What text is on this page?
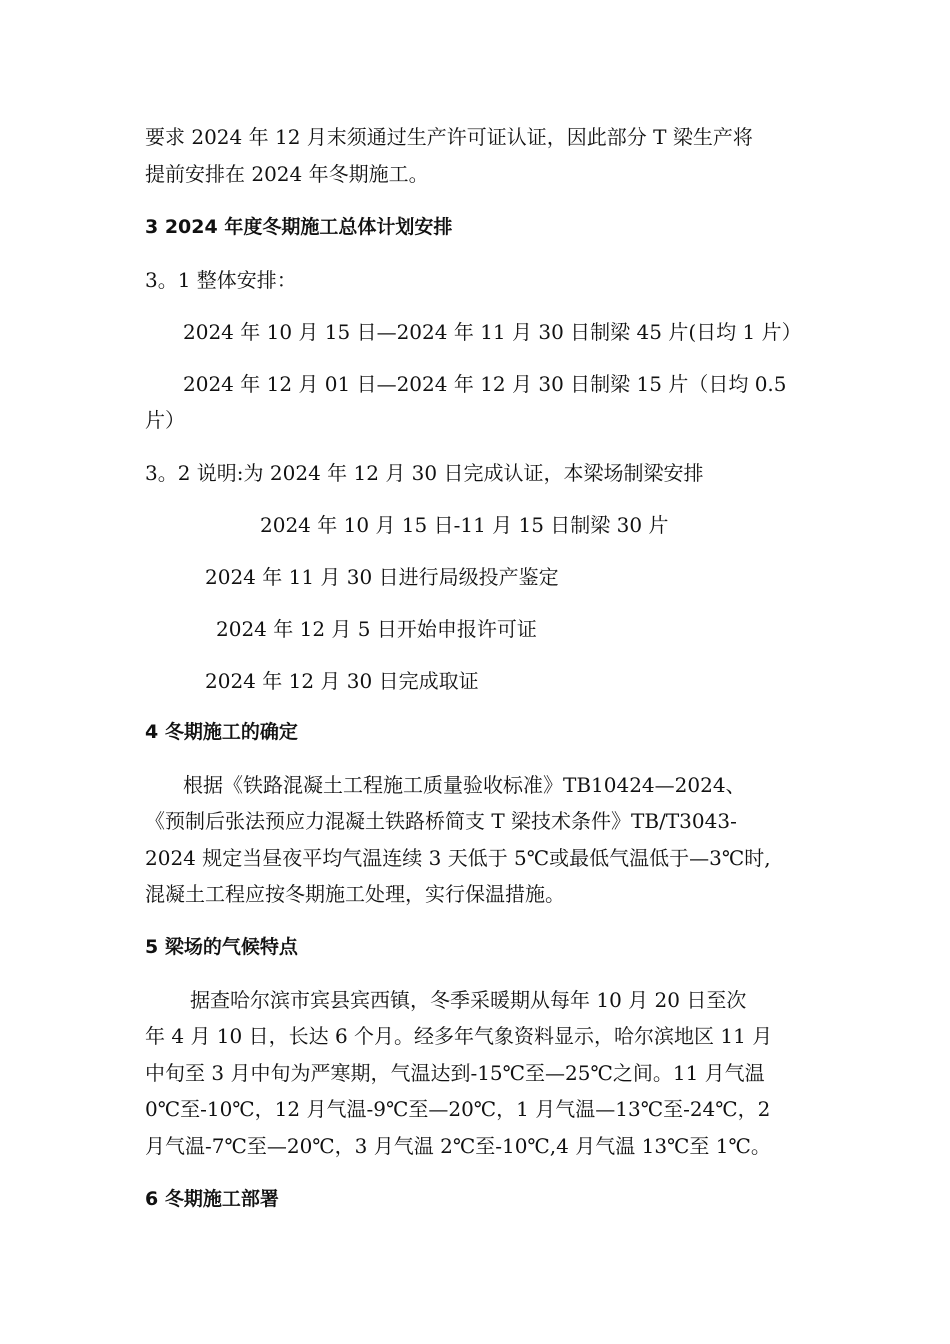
要求 2024 年 12 月末须通过生产许可证认证，因此部分 T 梁生产将
提前安排在 2024 年冬期施工。
3 2024 年度冬期施工总体计划安排
3。1 整体安排：
2024 年 10 月 15 日—2024 年 11 月 30 日制梁 45 片(日均 1 片）
2024 年 12 月 01 日—2024 年 12 月 30 日制梁 15 片（日均 0.5
片）
3。2 说明:为 2024 年 12 月 30 日完成认证，本梁场制梁安排
2024 年 10 月 15 日-11 月 15 日制梁 30 片
2024 年 11 月 30 日进行局级投产鉴定
2024 年 12 月 5 日开始申报许可证
2024 年 12 月 30 日完成取证
4 冬期施工的确定
根据《铁路混凝土工程施工质量验收标准》TB10424—2024、
《预制后张法预应力混凝土铁路桥简支 T 梁技术条件》TB/T3043-
2024 规定当昼夜平均气温连续 3 天低于 5℃或最低气温低于—3℃时,
混凝土工程应按冬期施工处理，实行保温措施。
5 梁场的气候特点
据查哈尔滨市宾县宾西镇，冬季采暖期从每年 10 月 20 日至次
年 4 月 10 日，长达 6 个月。经多年气象资料显示，哈尔滨地区 11 月
中旬至 3 月中旬为严寒期，气温达到-15℃至—25℃之间。11 月气温
0℃至-10℃，12 月气温-9℃至—20℃，1 月气温—13℃至-24℃，2
月气温-7℃至—20℃，3 月气温 2℃至-10℃,4 月气温 13℃至 1℃。
6 冬期施工部署
